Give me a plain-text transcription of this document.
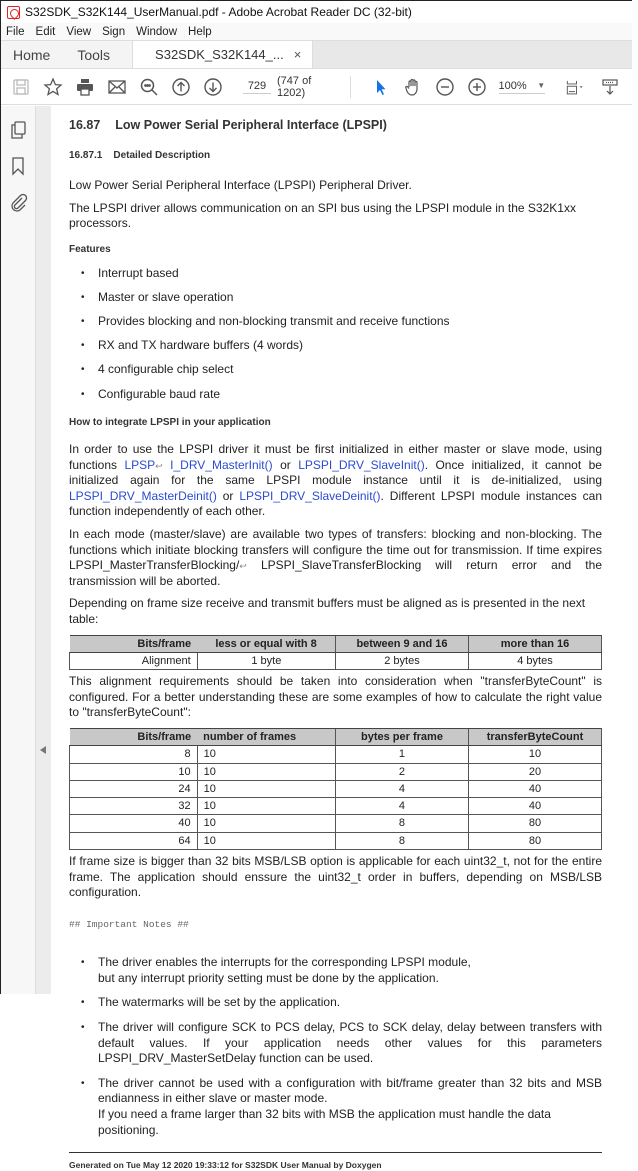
S32SDK_S32K144_UserManual.pdf - Adobe Acrobat Reader DC (32-bit)
File Edit View Sign Window Help
Home	Tools	S32SDK_S32K144_... ×
729
(747 of 1202)
100% ▼
16.87 Low Power Serial Peripheral Interface (LPSPI)
16.87.1 Detailed Description

Low Power Serial Peripheral Interface (LPSPI) Peripheral Driver.

The LPSPI driver allows communication on an SPI bus using the LPSPI module in the S32K1xx processors.

Features
• Interrupt based
• Master or slave operation
• Provides blocking and non-blocking transmit and receive functions
• RX and TX hardware buffers (4 words)
• 4 configurable chip select
• Configurable baud rate
How to integrate LPSPI in your application

In order to use the LPSPI driver it must be first initialized in either master or slave mode, using functions LPSP↩ I_DRV_MasterInit() or LPSPI_DRV_SlaveInit(). Once initialized, it cannot be initialized again for the same LPSPI module instance until it is de-initialized, using LPSPI_DRV_MasterDeinit() or LPSPI_DRV_SlaveDeinit(). Different LPSPI module instances can function independently of each other.

In each mode (master/slave) are available two types of transfers: blocking and non-blocking. The functions which initiate blocking transfers will configure the time out for transmission. If time expires LPSPI_MasterTransferBlocking/↩ LPSPI_SlaveTransferBlocking will return error and the transmission will be aborted.

Depending on frame size receive and transmit buffers must be aligned as is presented in the next table:

Bits/frame	less or equal with 8	between 9 and 16	more than 16
Alignment	1 byte	2 bytes	4 bytes

This alignment requirements should be taken into consideration when "transferByteCount" is configured. For a better understanding these are some examples of how to calculate the right value to "transferByteCount":

Bits/frame	number of frames	bytes per frame	transferByteCount
8	10	1	10
10	10	2	20
24	10	4	40
32	10	4	40
40	10	8	80
64	10	8	80

If frame size is bigger than 32 bits MSB/LSB option is applicable for each uint32_t, not for the entire frame. The application should enssure the uint32_t order in buffers, depending on MSB/LSB configuration.

## Important Notes ##
• The driver enables the interrupts for the corresponding LPSPI module,
but any interrupt priority setting must be done by the application.
• The watermarks will be set by the application.
• The driver will configure SCK to PCS delay, PCS to SCK delay, delay between transfers with default values. If your application needs other values for this parameters LPSPI_DRV_MasterSetDelay function can be used.
• The driver cannot be used with a configuration with bit/frame greater than 32 bits and MSB endianness in either slave or master mode.
If you need a frame larger than 32 bits with MSB the application must handle the data positioning.
Generated on Tue May 12 2020 19:33:12 for S32SDK User Manual by Doxygen
